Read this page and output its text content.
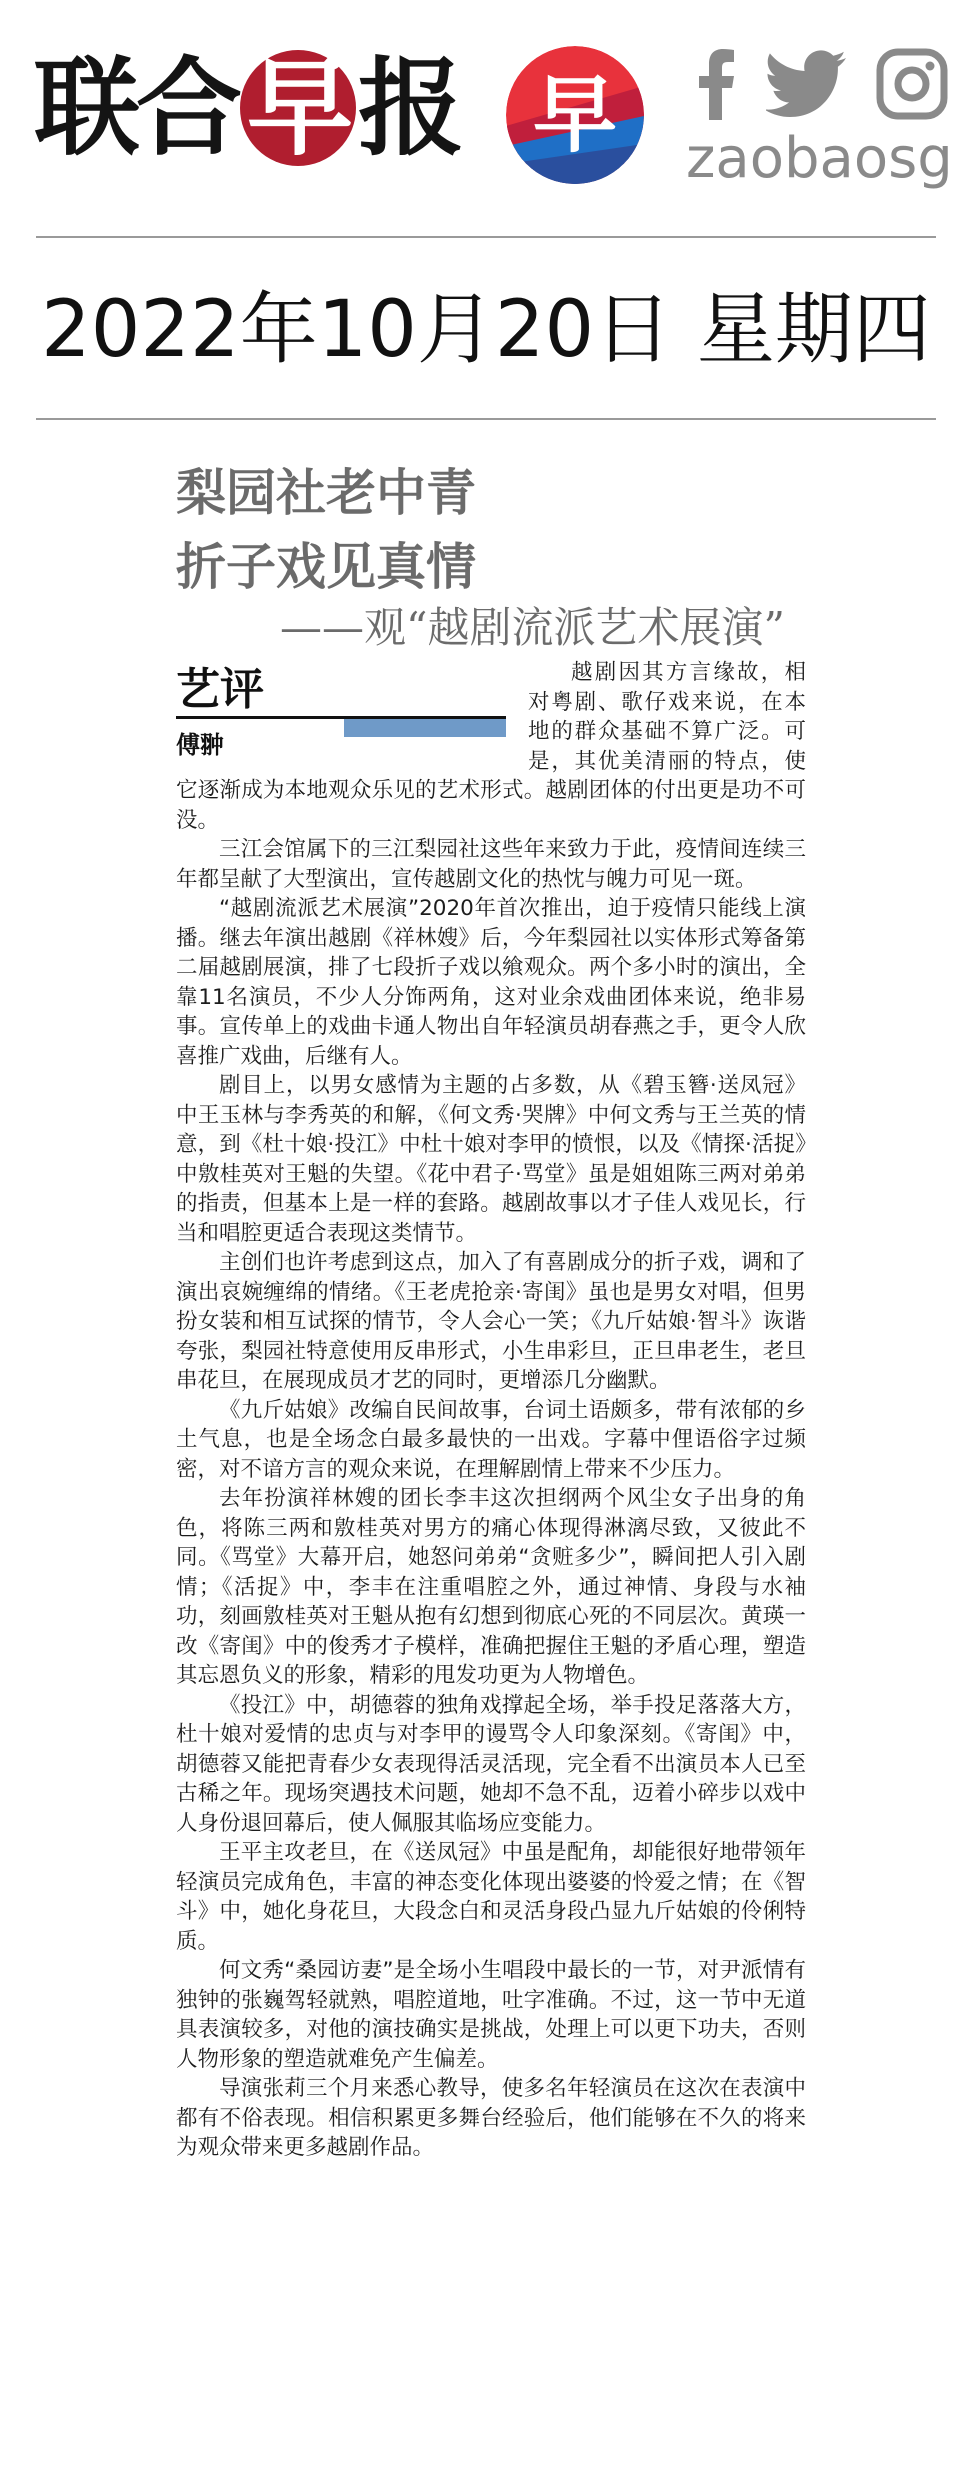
联合 早 报 早 zaobaosg
2022年10月20日 星期四
梨园社老中青
折子戏见真情
——观“越剧流派艺术展演”
艺评
傅翀

越剧因其方言缘故，相对粤剧、歌仔戏来说，在本地的群众基础不算广泛。可是，其优美清丽的特点，使它逐渐成为本地观众乐见的艺术形式。越剧团体的付出更是功不可没。

三江会馆属下的三江梨园社这些年来致力于此，疫情间连续三年都呈献了大型演出，宣传越剧文化的热忱与魄力可见一斑。

“越剧流派艺术展演”2020年首次推出，迫于疫情只能线上演播。继去年演出越剧《祥林嫂》后，今年梨园社以实体形式筹备第二届越剧展演，排了七段折子戏以飨观众。两个多小时的演出，全靠11名演员，不少人分饰两角，这对业余戏曲团体来说，绝非易事。宣传单上的戏曲卡通人物出自年轻演员胡春燕之手，更令人欣喜推广戏曲，后继有人。

剧目上，以男女感情为主题的占多数，从《碧玉簪·送凤冠》中王玉林与李秀英的和解，《何文秀·哭牌》中何文秀与王兰英的情意，到《杜十娘·投江》中杜十娘对李甲的愤恨，以及《情探·活捉》中敫桂英对王魁的失望。《花中君子·骂堂》虽是姐姐陈三两对弟弟的指责，但基本上是一样的套路。越剧故事以才子佳人戏见长，行当和唱腔更适合表现这类情节。

主创们也许考虑到这点，加入了有喜剧成分的折子戏，调和了演出哀婉缠绵的情绪。《王老虎抢亲·寄闺》虽也是男女对唱，但男扮女装和相互试探的情节，令人会心一笑；《九斤姑娘·智斗》诙谐夸张，梨园社特意使用反串形式，小生串彩旦，正旦串老生，老旦串花旦，在展现成员才艺的同时，更增添几分幽默。

《九斤姑娘》改编自民间故事，台词土语颇多，带有浓郁的乡土气息，也是全场念白最多最快的一出戏。字幕中俚语俗字过频密，对不谙方言的观众来说，在理解剧情上带来不少压力。

去年扮演祥林嫂的团长李丰这次担纲两个风尘女子出身的角色，将陈三两和敫桂英对男方的痛心体现得淋漓尽致，又彼此不同。《骂堂》大幕开启，她怒问弟弟“贪赃多少”，瞬间把人引入剧情；《活捉》中，李丰在注重唱腔之外，通过神情、身段与水袖功，刻画敫桂英对王魁从抱有幻想到彻底心死的不同层次。黄瑛一改《寄闺》中的俊秀才子模样，准确把握住王魁的矛盾心理，塑造其忘恩负义的形象，精彩的甩发功更为人物增色。

《投江》中，胡德蓉的独角戏撑起全场，举手投足落落大方，杜十娘对爱情的忠贞与对李甲的谩骂令人印象深刻。《寄闺》中，胡德蓉又能把青春少女表现得活灵活现，完全看不出演员本人已至古稀之年。现场突遇技术问题，她却不急不乱，迈着小碎步以戏中人身份退回幕后，使人佩服其临场应变能力。

王平主攻老旦，在《送凤冠》中虽是配角，却能很好地带领年轻演员完成角色，丰富的神态变化体现出婆婆的怜爱之情；在《智斗》中，她化身花旦，大段念白和灵活身段凸显九斤姑娘的伶俐特质。

何文秀“桑园访妻”是全场小生唱段中最长的一节，对尹派情有独钟的张巍驾轻就熟，唱腔道地，吐字准确。不过，这一节中无道具表演较多，对他的演技确实是挑战，处理上可以更下功夫，否则人物形象的塑造就难免产生偏差。

导演张莉三个月来悉心教导，使多名年轻演员在这次在表演中都有不俗表现。相信积累更多舞台经验后，他们能够在不久的将来为观众带来更多越剧作品。
